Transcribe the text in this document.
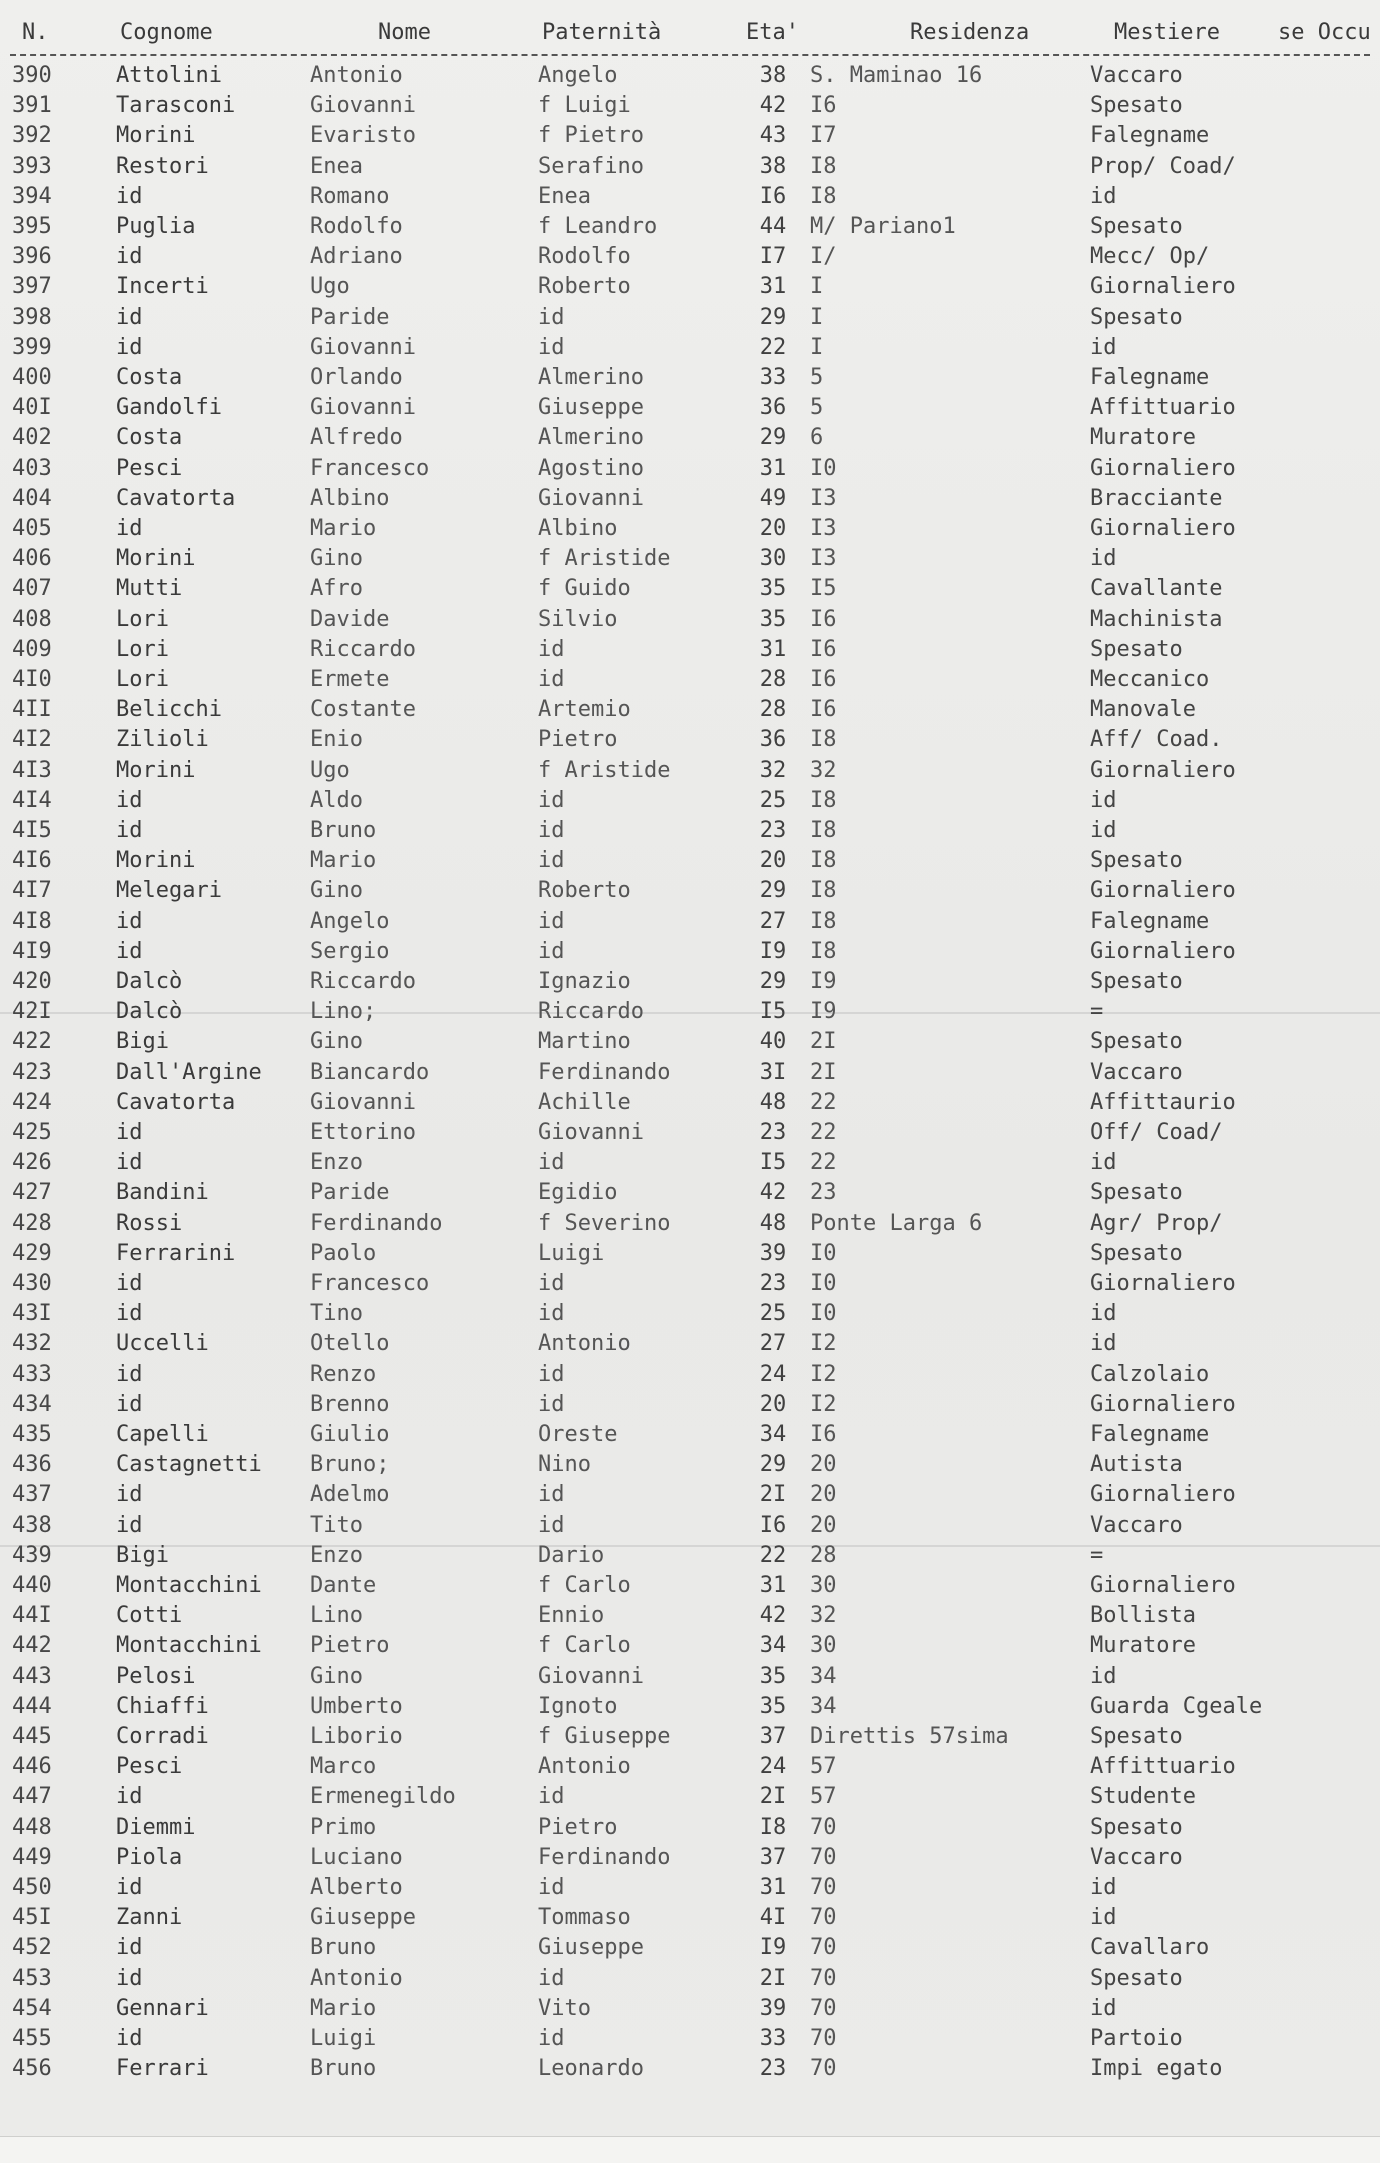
N.	Cognome	Nome	Paternità	Eta'	Residenza	Mestiere	se Occu
390	Attolini	Antonio	Angelo	38	S. Maminao 16	Vaccaro
391	Tarasconi	Giovanni	f Luigi	42	I6	Spesato
392	Morini	Evaristo	f Pietro	43	I7	Falegname
393	Restori	Enea	Serafino	38	I8	Prop/ Coad/
394	id	Romano	Enea	I6	I8	id
395	Puglia	Rodolfo	f Leandro	44	M/ Pariano1	Spesato
396	id	Adriano	Rodolfo	I7	I/	Mecc/ Op/
397	Incerti	Ugo	Roberto	31	I	Giornaliero
398	id	Paride	id	29	I	Spesato
399	id	Giovanni	id	22	I	id
400	Costa	Orlando	Almerino	33	5	Falegname
40I	Gandolfi	Giovanni	Giuseppe	36	5	Affittuario
402	Costa	Alfredo	Almerino	29	6	Muratore
403	Pesci	Francesco	Agostino	31	I0	Giornaliero
404	Cavatorta	Albino	Giovanni	49	I3	Bracciante
405	id	Mario	Albino	20	I3	Giornaliero
406	Morini	Gino	f Aristide	30	I3	id
407	Mutti	Afro	f Guido	35	I5	Cavallante
408	Lori	Davide	Silvio	35	I6	Machinista
409	Lori	Riccardo	id	31	I6	Spesato
4I0	Lori	Ermete	id	28	I6	Meccanico
4II	Belicchi	Costante	Artemio	28	I6	Manovale
4I2	Zilioli	Enio	Pietro	36	I8	Aff/ Coad.
4I3	Morini	Ugo	f Aristide	32	32	Giornaliero
4I4	id	Aldo	id	25	I8	id
4I5	id	Bruno	id	23	I8	id
4I6	Morini	Mario	id	20	I8	Spesato
4I7	Melegari	Gino	Roberto	29	I8	Giornaliero
4I8	id	Angelo	id	27	I8	Falegname
4I9	id	Sergio	id	I9	I8	Giornaliero
420	Dalcò	Riccardo	Ignazio	29	I9	Spesato
42I	Dalcò	Lino;	Riccardo	I5	I9	=
422	Bigi	Gino	Martino	40	2I	Spesato
423	Dall'Argine	Biancardo	Ferdinando	3I	2I	Vaccaro
424	Cavatorta	Giovanni	Achille	48	22	Affittaurio
425	id	Ettorino	Giovanni	23	22	Off/ Coad/
426	id	Enzo	id	I5	22	id
427	Bandini	Paride	Egidio	42	23	Spesato
428	Rossi	Ferdinando	f Severino	48	Ponte Larga 6	Agr/ Prop/
429	Ferrarini	Paolo	Luigi	39	I0	Spesato
430	id	Francesco	id	23	I0	Giornaliero
43I	id	Tino	id	25	I0	id
432	Uccelli	Otello	Antonio	27	I2	id
433	id	Renzo	id	24	I2	Calzolaio
434	id	Brenno	id	20	I2	Giornaliero
435	Capelli	Giulio	Oreste	34	I6	Falegname
436	Castagnetti	Bruno;	Nino	29	20	Autista
437	id	Adelmo	id	2I	20	Giornaliero
438	id	Tito	id	I6	20	Vaccaro
439	Bigi	Enzo	Dario	22	28	=
440	Montacchini	Dante	f Carlo	31	30	Giornaliero
44I	Cotti	Lino	Ennio	42	32	Bollista
442	Montacchini	Pietro	f Carlo	34	30	Muratore
443	Pelosi	Gino	Giovanni	35	34	id
444	Chiaffi	Umberto	Ignoto	35	34	Guarda Cgeale
445	Corradi	Liborio	f Giuseppe	37	Direttis 57sima	Spesato
446	Pesci	Marco	Antonio	24	57	Affittuario
447	id	Ermenegildo	id	2I	57	Studente
448	Diemmi	Primo	Pietro	I8	70	Spesato
449	Piola	Luciano	Ferdinando	37	70	Vaccaro
450	id	Alberto	id	31	70	id
45I	Zanni	Giuseppe	Tommaso	4I	70	id
452	id	Bruno	Giuseppe	I9	70	Cavallaro
453	id	Antonio	id	2I	70	Spesato
454	Gennari	Mario	Vito	39	70	id
455	id	Luigi	id	33	70	Partoio
456	Ferrari	Bruno	Leonardo	23	70	Impi egato
